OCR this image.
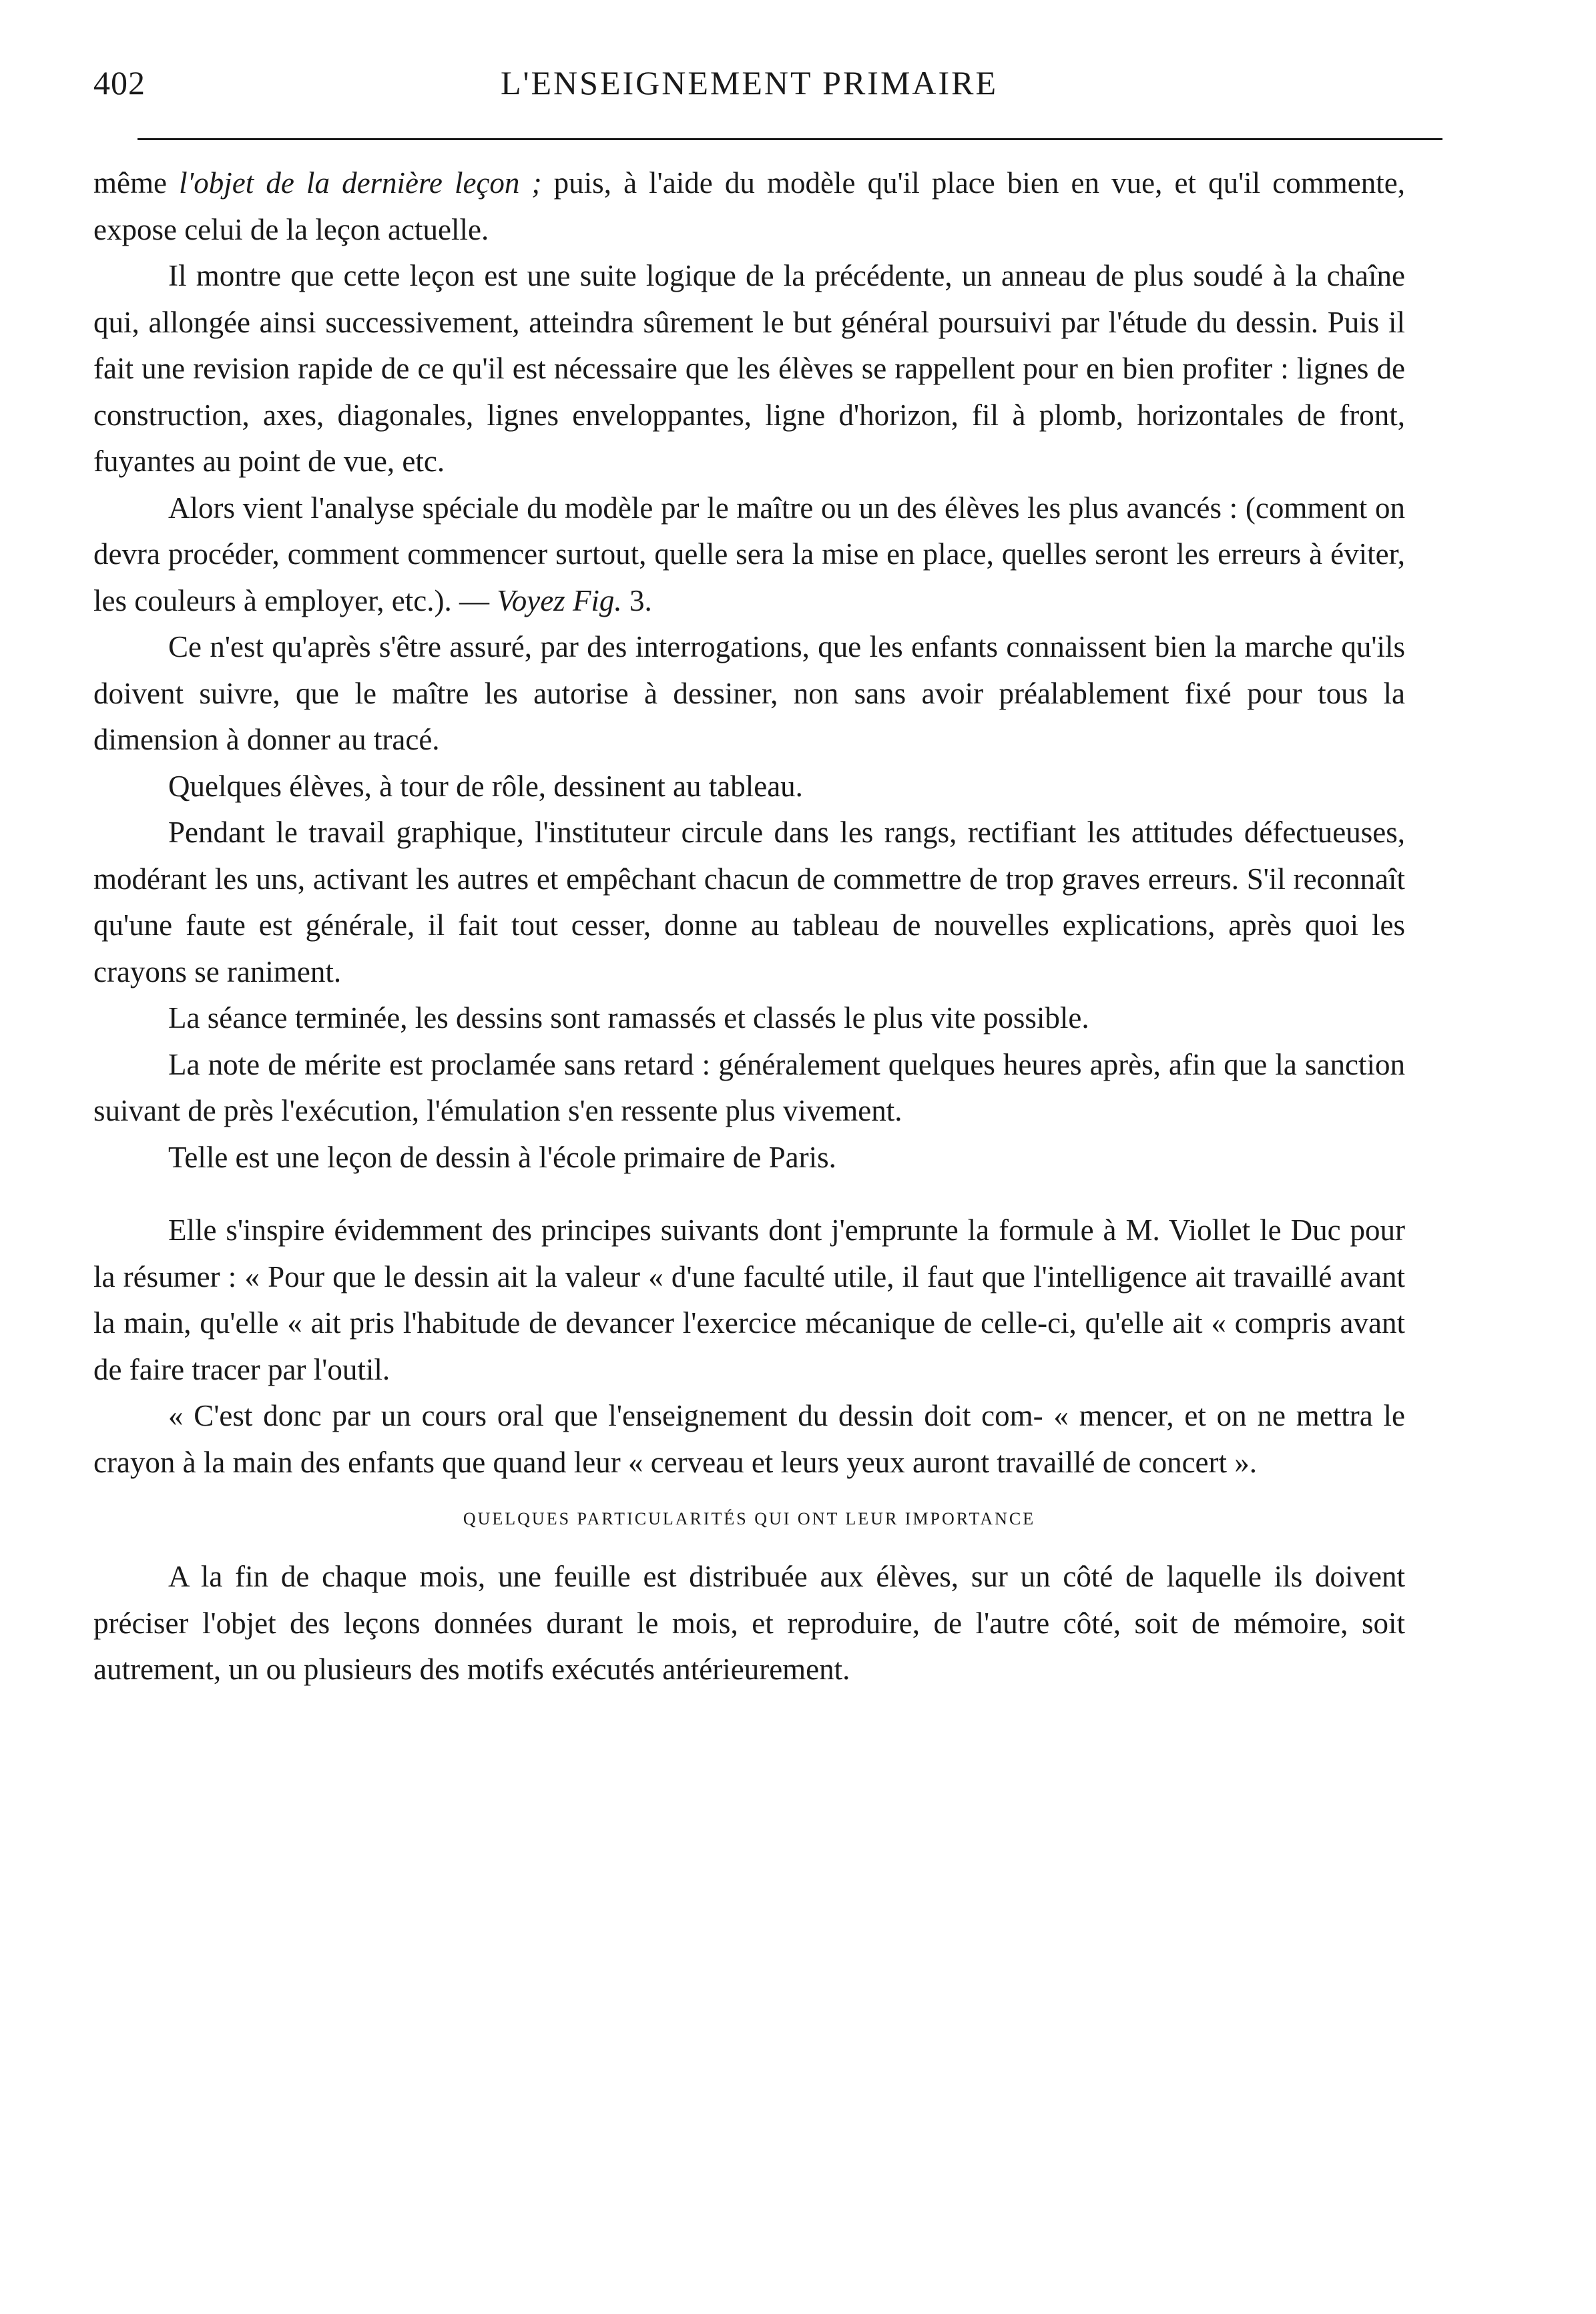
402	L'ENSEIGNEMENT PRIMAIRE

même l'objet de la dernière leçon ; puis, à l'aide du modèle qu'il place bien en vue, et qu'il commente, expose celui de la leçon actuelle.

Il montre que cette leçon est une suite logique de la précédente, un anneau de plus soudé à la chaîne qui, allongée ainsi successivement, atteindra sûrement le but général poursuivi par l'étude du dessin. Puis il fait une revision rapide de ce qu'il est nécessaire que les élèves se rappellent pour en bien profiter : lignes de construction, axes, diagonales, lignes enveloppantes, ligne d'horizon, fil à plomb, horizontales de front, fuyantes au point de vue, etc.

Alors vient l'analyse spéciale du modèle par le maître ou un des élèves les plus avancés : (comment on devra procéder, comment commencer surtout, quelle sera la mise en place, quelles seront les erreurs à éviter, les couleurs à employer, etc.). — Voyez Fig. 3.

Ce n'est qu'après s'être assuré, par des interrogations, que les enfants connaissent bien la marche qu'ils doivent suivre, que le maître les autorise à dessiner, non sans avoir préalablement fixé pour tous la dimension à donner au tracé.

Quelques élèves, à tour de rôle, dessinent au tableau.

Pendant le travail graphique, l'instituteur circule dans les rangs, rectifiant les attitudes défectueuses, modérant les uns, activant les autres et empêchant chacun de commettre de trop graves erreurs. S'il reconnaît qu'une faute est générale, il fait tout cesser, donne au tableau de nouvelles explications, après quoi les crayons se raniment.

La séance terminée, les dessins sont ramassés et classés le plus vite possible.

La note de mérite est proclamée sans retard : généralement quelques heures après, afin que la sanction suivant de près l'exécution, l'émulation s'en ressente plus vivement.

Telle est une leçon de dessin à l'école primaire de Paris.

Elle s'inspire évidemment des principes suivants dont j'emprunte la formule à M. Viollet le Duc pour la résumer : « Pour que le dessin ait la valeur « d'une faculté utile, il faut que l'intelligence ait travaillé avant la main, qu'elle « ait pris l'habitude de devancer l'exercice mécanique de celle-ci, qu'elle ait « compris avant de faire tracer par l'outil.

« C'est donc par un cours oral que l'enseignement du dessin doit com- « mencer, et on ne mettra le crayon à la main des enfants que quand leur « cerveau et leurs yeux auront travaillé de concert ».

QUELQUES PARTICULARITÉS QUI ONT LEUR IMPORTANCE

A la fin de chaque mois, une feuille est distribuée aux élèves, sur un côté de laquelle ils doivent préciser l'objet des leçons données durant le mois, et reproduire, de l'autre côté, soit de mémoire, soit autrement, un ou plusieurs des motifs exécutés antérieurement.
